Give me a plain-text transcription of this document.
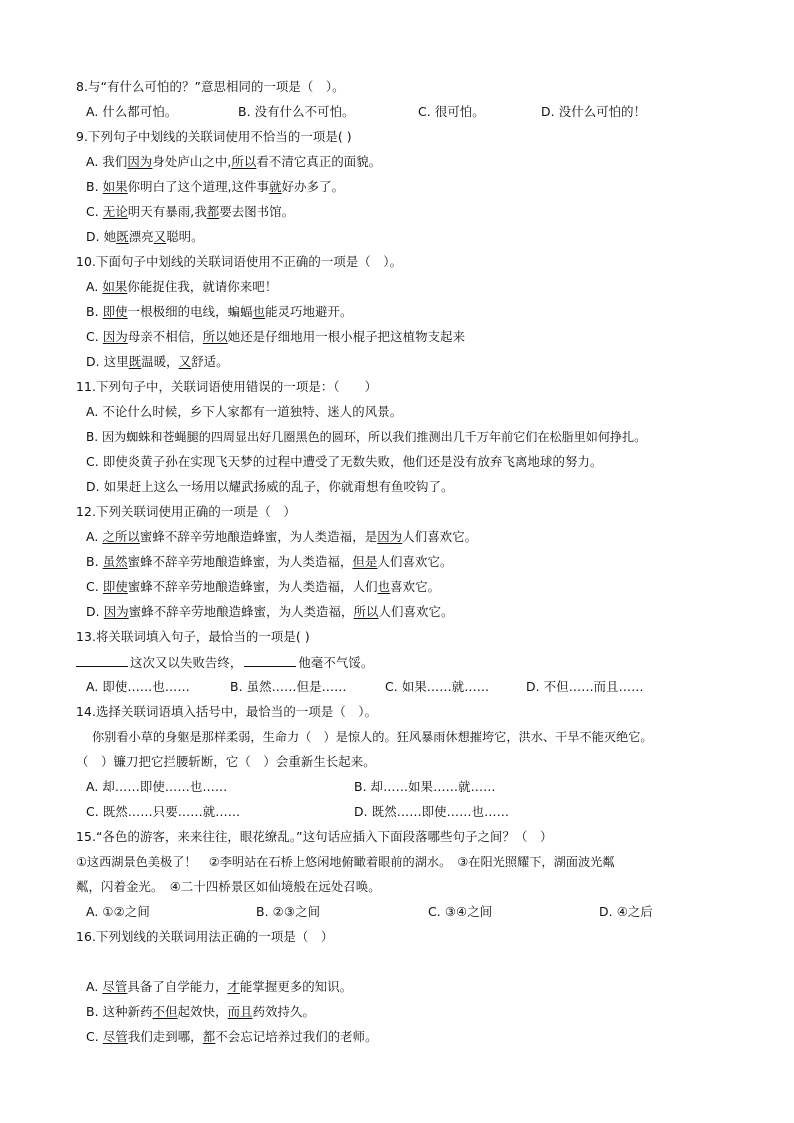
8.与“有什么可怕的？”意思相同的一项是（　）。
A. 什么都可怕。	B. 没有什么不可怕。	C. 很可怕。	D. 没什么可怕的！
9.下列句子中划线的关联词使用不恰当的一项是( )
A. 我们因为身处庐山之中,所以看不清它真正的面貌。
B. 如果你明白了这个道理,这件事就好办多了。
C. 无论明天有暴雨,我都要去图书馆。
D. 她既漂亮又聪明。
10.下面句子中划线的关联词语使用不正确的一项是（　）。
A. 如果你能捉住我，就请你来吧！
B. 即使一根极细的电线，蝙蝠也能灵巧地避开。
C. 因为母亲不相信，所以她还是仔细地用一根小棍子把这植物支起来
D. 这里既温暖，又舒适。
11.下列句子中，关联词语使用错误的一项是：（　　）
A. 不论什么时候，乡下人家都有一道独特、迷人的风景。
B. 因为蜘蛛和苍蝇腿的四周显出好几圈黑色的圆环，所以我们推测出几千万年前它们在松脂里如何挣扎。
C. 即使炎黄子孙在实现飞天梦的过程中遭受了无数失败，他们还是没有放弃飞离地球的努力。
D. 如果赶上这么一场用以耀武扬威的乱子，你就甭想有鱼咬钩了。
12.下列关联词使用正确的一项是（　）
A. 之所以蜜蜂不辞辛劳地酿造蜂蜜，为人类造福，是因为人们喜欢它。
B. 虽然蜜蜂不辞辛劳地酿造蜂蜜，为人类造福，但是人们喜欢它。
C. 即使蜜蜂不辞辛劳地酿造蜂蜜，为人类造福，人们也喜欢它。
D. 因为蜜蜂不辞辛劳地酿造蜂蜜，为人类造福，所以人们喜欢它。
13.将关联词填入句子，最恰当的一项是( )
这次又以失败告终，	他毫不气馁。
A. 即使……也……	B. 虽然……但是……	C. 如果……就……	D. 不但……而且……
14.选择关联词语填入括号中，最恰当的一项是（　）。
你别看小草的身躯是那样柔弱，生命力（　）是惊人的。狂风暴雨休想摧垮它，洪水、干旱不能灭绝它。
（　）镰刀把它拦腰斩断，它（　）会重新生长起来。
A. 却……即使……也……	B. 却……如果……就……
C. 既然……只要……就……	D. 既然……即使……也……
15.“各色的游客，来来往往，眼花缭乱。”这句话应插入下面段落哪些句子之间？（　）
①这西湖景色美极了！　②李明站在石桥上悠闲地俯瞰着眼前的湖水。　③在阳光照耀下，湖面波光粼
粼，闪着金光。　④二十四桥景区如仙境般在远处召唤。
A. ①②之间	B. ②③之间	C. ③④之间	D. ④之后
16.下列划线的关联词用法正确的一项是（　）
A. 尽管具备了自学能力，才能掌握更多的知识。
B. 这种新药不但起效快，而且药效持久。
C. 尽管我们走到哪，都不会忘记培养过我们的老师。
